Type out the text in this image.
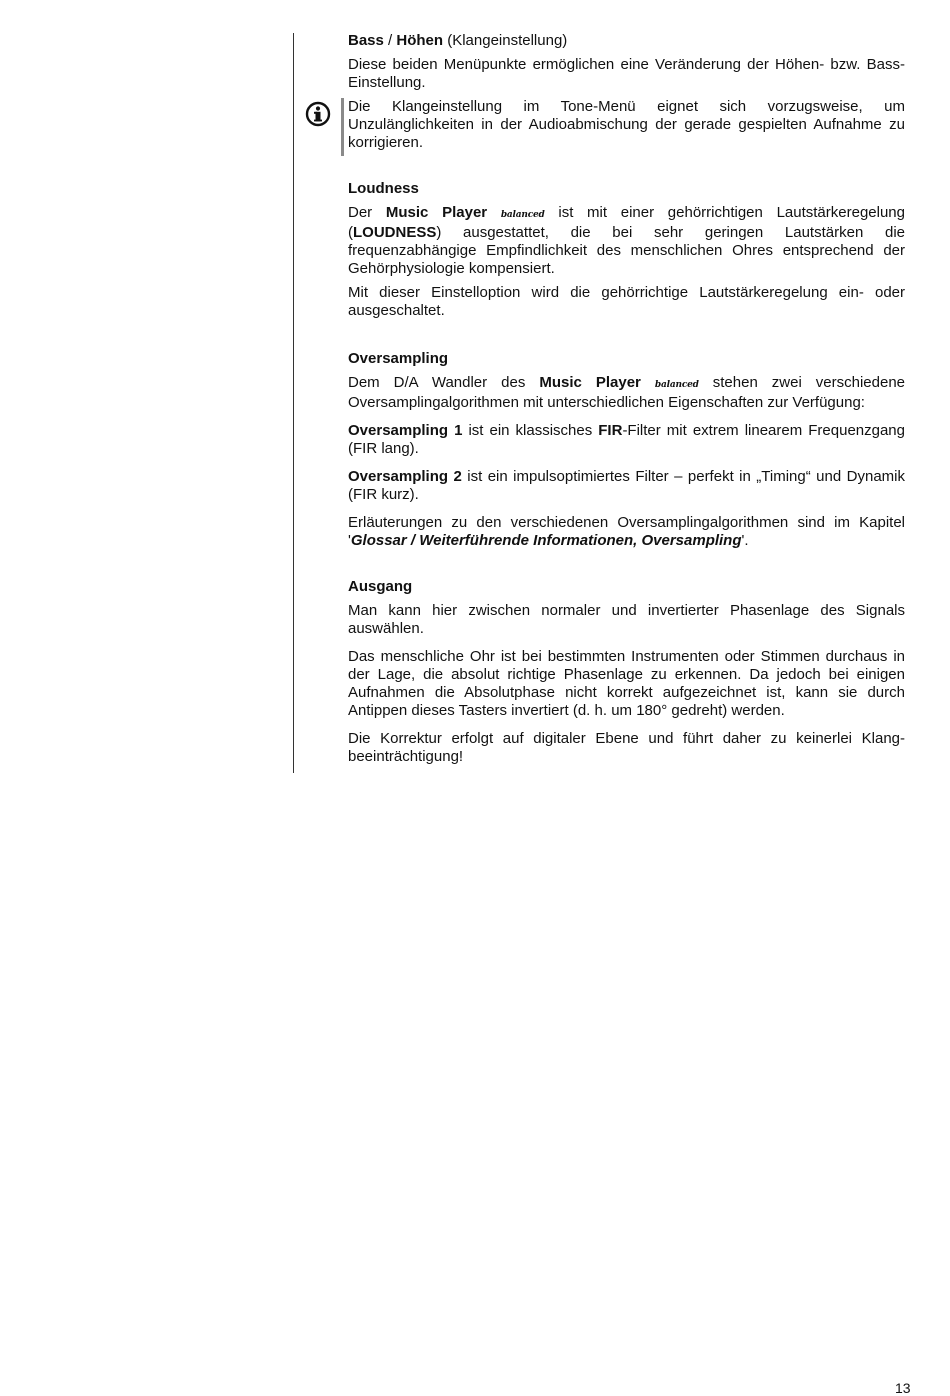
Bass / Höhen (Klangeinstellung)

Diese beiden Menüpunkte ermöglichen eine Veränderung der Höhen- bzw. Bass-Einstellung.

Die Klangeinstellung im Tone-Menü eignet sich vorzugsweise, um Unzulänglichkeiten in der Audioabmischung der gerade gespielten Aufnahme zu korrigieren.

Loudness

Der Music Player balanced ist mit einer gehörrichtigen Lautstärkeregelung (LOUDNESS) ausgestattet, die bei sehr geringen Lautstärken die frequenzabhängige Empfindlichkeit des menschlichen Ohres entsprechend der Gehörphysiologie kompensiert.

Mit dieser Einstelloption wird die gehörrichtige Lautstärkeregelung ein- oder ausgeschaltet.

Oversampling

Dem D/A Wandler des Music Player balanced stehen zwei verschiedene Oversamplingalgorithmen mit unterschiedlichen Eigenschaften zur Verfügung:

Oversampling 1 ist ein klassisches FIR-Filter mit extrem linearem Frequenzgang (FIR lang).

Oversampling 2 ist ein impulsoptimiertes Filter – perfekt in „Timing“ und Dynamik (FIR kurz).

Erläuterungen zu den verschiedenen Oversamplingalgorithmen sind im Kapitel 'Glossar / Weiterführende Informationen, Oversampling'.

Ausgang

Man kann hier zwischen normaler und invertierter Phasenlage des Signals auswählen.

Das menschliche Ohr ist bei bestimmten Instrumenten oder Stimmen durchaus in der Lage, die absolut richtige Phasenlage zu erkennen. Da jedoch bei einigen Aufnahmen die Absolutphase nicht korrekt aufgezeichnet ist, kann sie durch Antippen dieses Tasters invertiert (d. h. um 180° gedreht) werden.

Die Korrektur erfolgt auf digitaler Ebene und führt daher zu keinerlei Klang-beeinträchtigung!

13
